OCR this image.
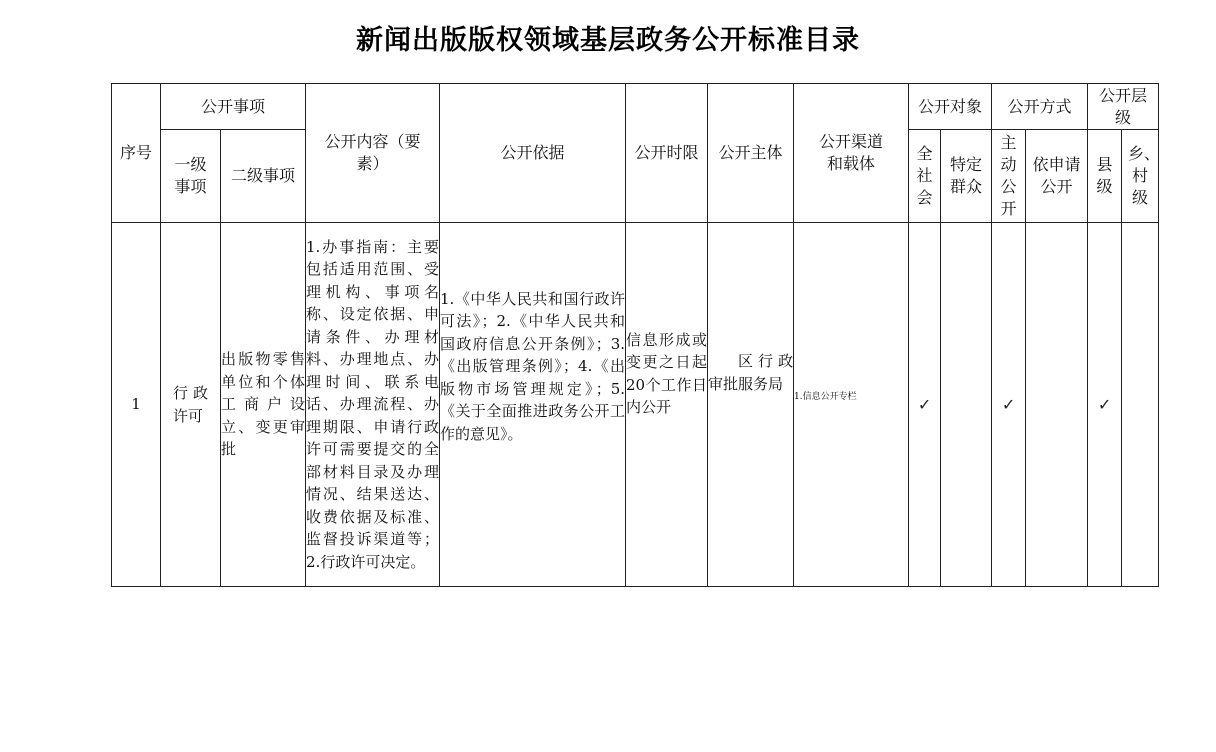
新闻出版版权领域基层政务公开标准目录
序号	公开事项		公开内容（要素）	公开依据	公开时限	公开主体	公开渠道和载体	公开对象		公开方式		公开层级	
	一级事项	二级事项						全社会	特定群众	主动公开	依申请公开	县级	乡、村级
1	行政许可	出版物零售单位和个体工商户设立、变更审批	1.办事指南：主要包括适用范围、受理机构、事项名称、设定依据、申请条件、办理材料、办理地点、办理时间、联系电话、办理流程、办理期限、申请行政许可需要提交的全部材料目录及办理情况、结果送达、收费依据及标准、监督投诉渠道等；2.行政许可决定。	1.《中华人民共和国行政许可法》；2.《中华人民共和国政府信息公开条例》；3.《出版管理条例》；4.《出版物市场管理规定》；5.《关于全面推进政务公开工作的意见》。	信息形成或变更之日起20个工作日内公开	区行政审批服务局	1.信息公开专栏	✓		✓		✓	
